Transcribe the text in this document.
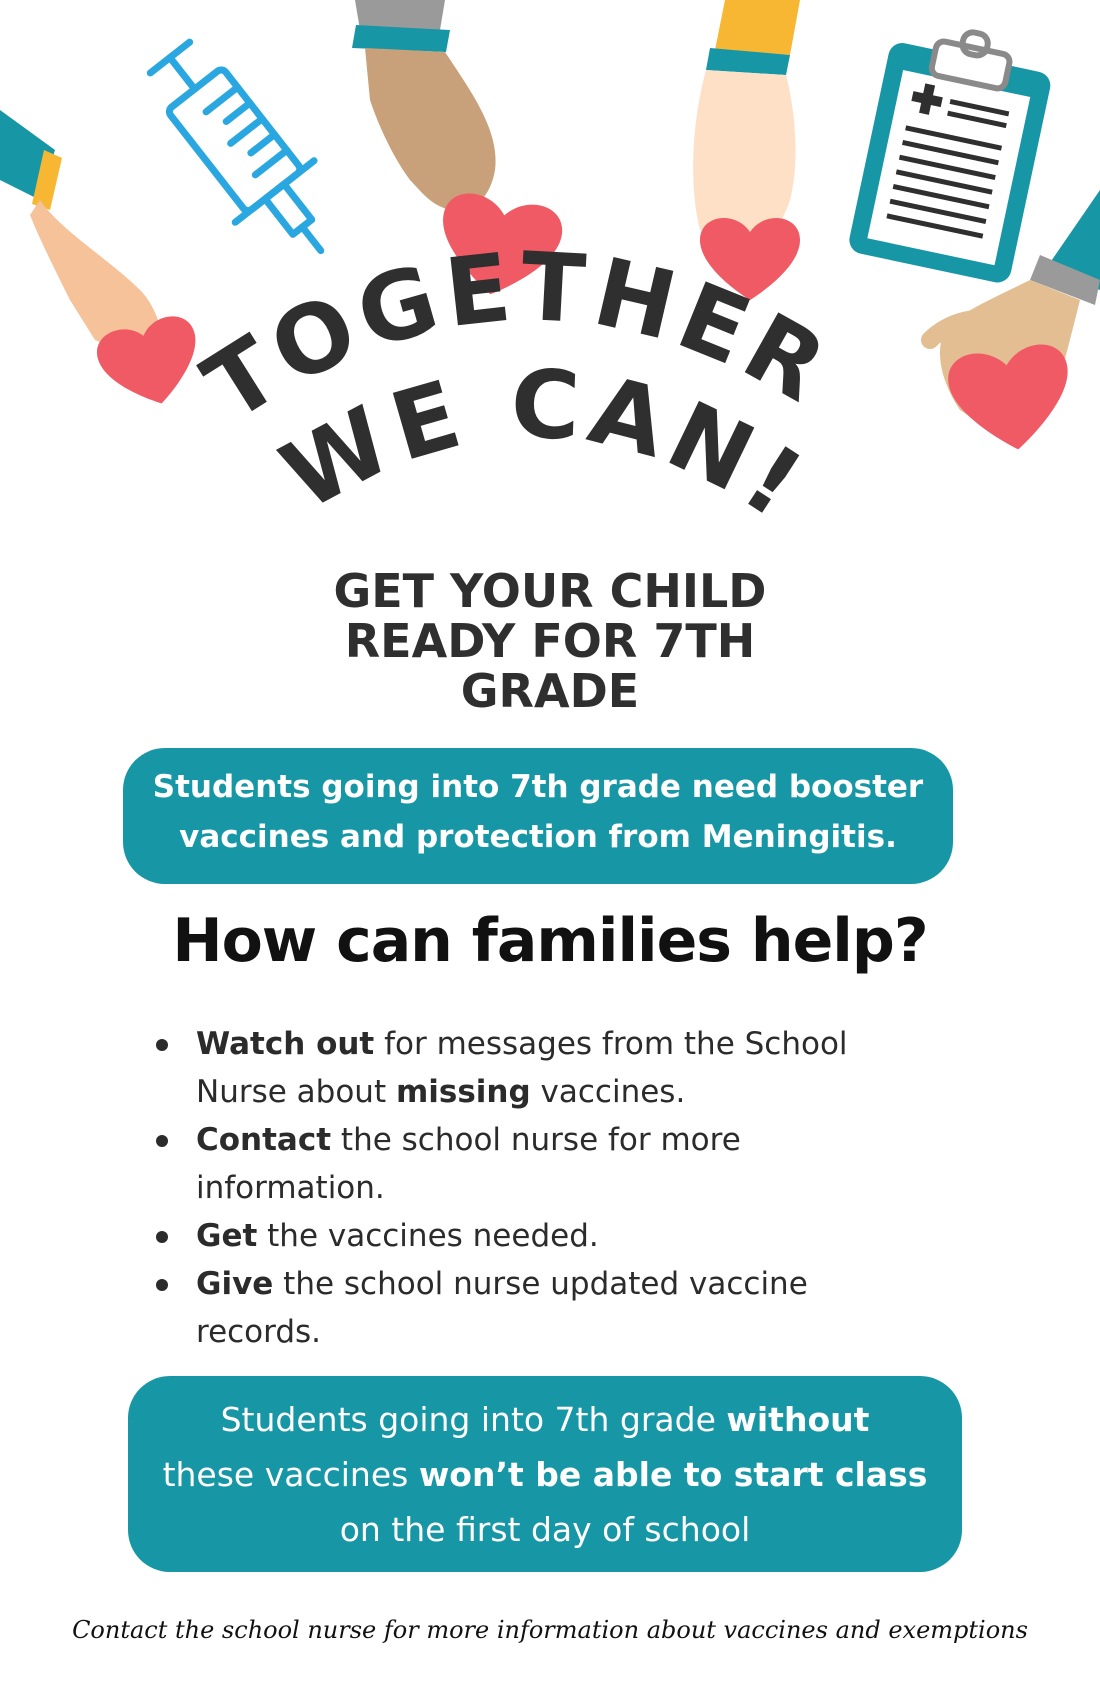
TOGETHER
WE CAN!
GET YOUR CHILD
READY FOR 7TH
GRADE
Students going into 7th grade need booster
vaccines and protection from Meningitis.
How can families help?
Watch out for messages from the School
Nurse about missing vaccines.
Contact the school nurse for more
information.
Get the vaccines needed.
Give the school nurse updated vaccine
records.
Students going into 7th grade without
these vaccines won’t be able to start class
on the first day of school
Contact the school nurse for more information about vaccines and exemptions
